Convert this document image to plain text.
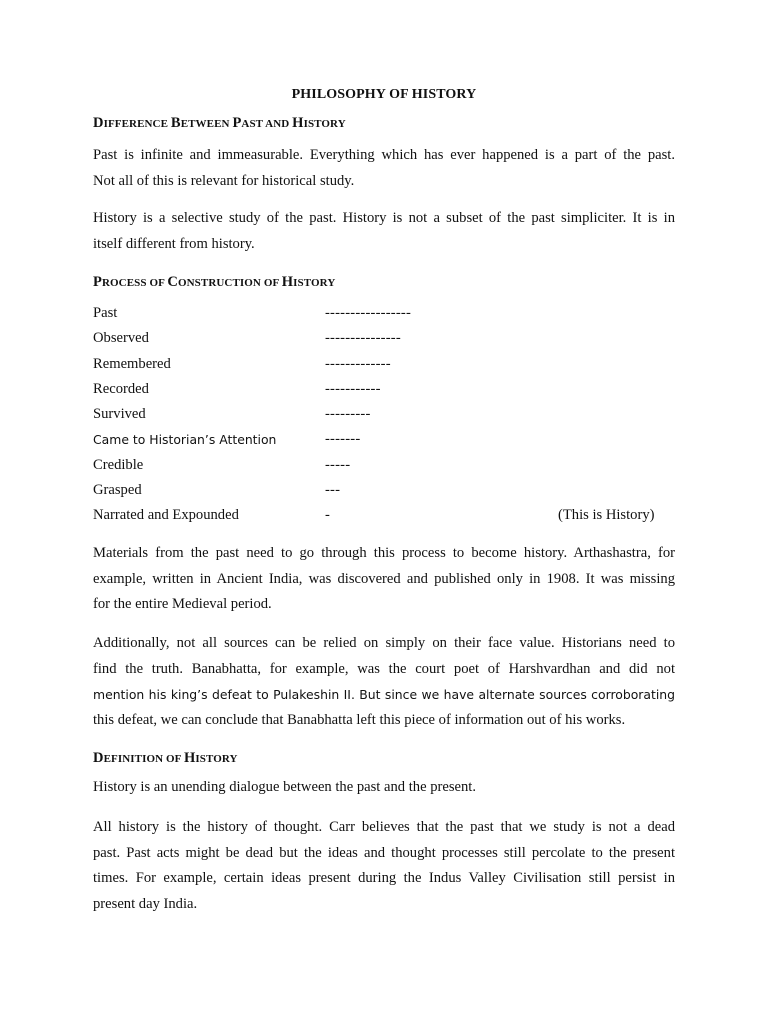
PHILOSOPHY OF HISTORY
DIFFERENCE BETWEEN PAST AND HISTORY
Past is infinite and immeasurable. Everything which has ever happened is a part of the past.
Not all of this is relevant for historical study.
History is a selective study of the past. History is not a subset of the past simpliciter. It is in
itself different from history.
PROCESS OF CONSTRUCTION OF HISTORY
Past	-----------------
Observed	---------------
Remembered	-------------
Recorded	-----------
Survived	---------
Came to Historian’s Attention	-------
Credible	-----
Grasped	---
Narrated and Expounded	-	(This is History)
Materials from the past need to go through this process to become history. Arthashastra, for
example, written in Ancient India, was discovered and published only in 1908. It was missing
for the entire Medieval period.
Additionally, not all sources can be relied on simply on their face value. Historians need to
find the truth. Banabhatta, for example, was the court poet of Harshvardhan and did not
mention his king’s defeat to Pulakeshin II. But since we have alternate sources corroborating
this defeat, we can conclude that Banabhatta left this piece of information out of his works.
DEFINITION OF HISTORY
History is an unending dialogue between the past and the present.
All history is the history of thought. Carr believes that the past that we study is not a dead
past. Past acts might be dead but the ideas and thought processes still percolate to the present
times. For example, certain ideas present during the Indus Valley Civilisation still persist in
present day India.
